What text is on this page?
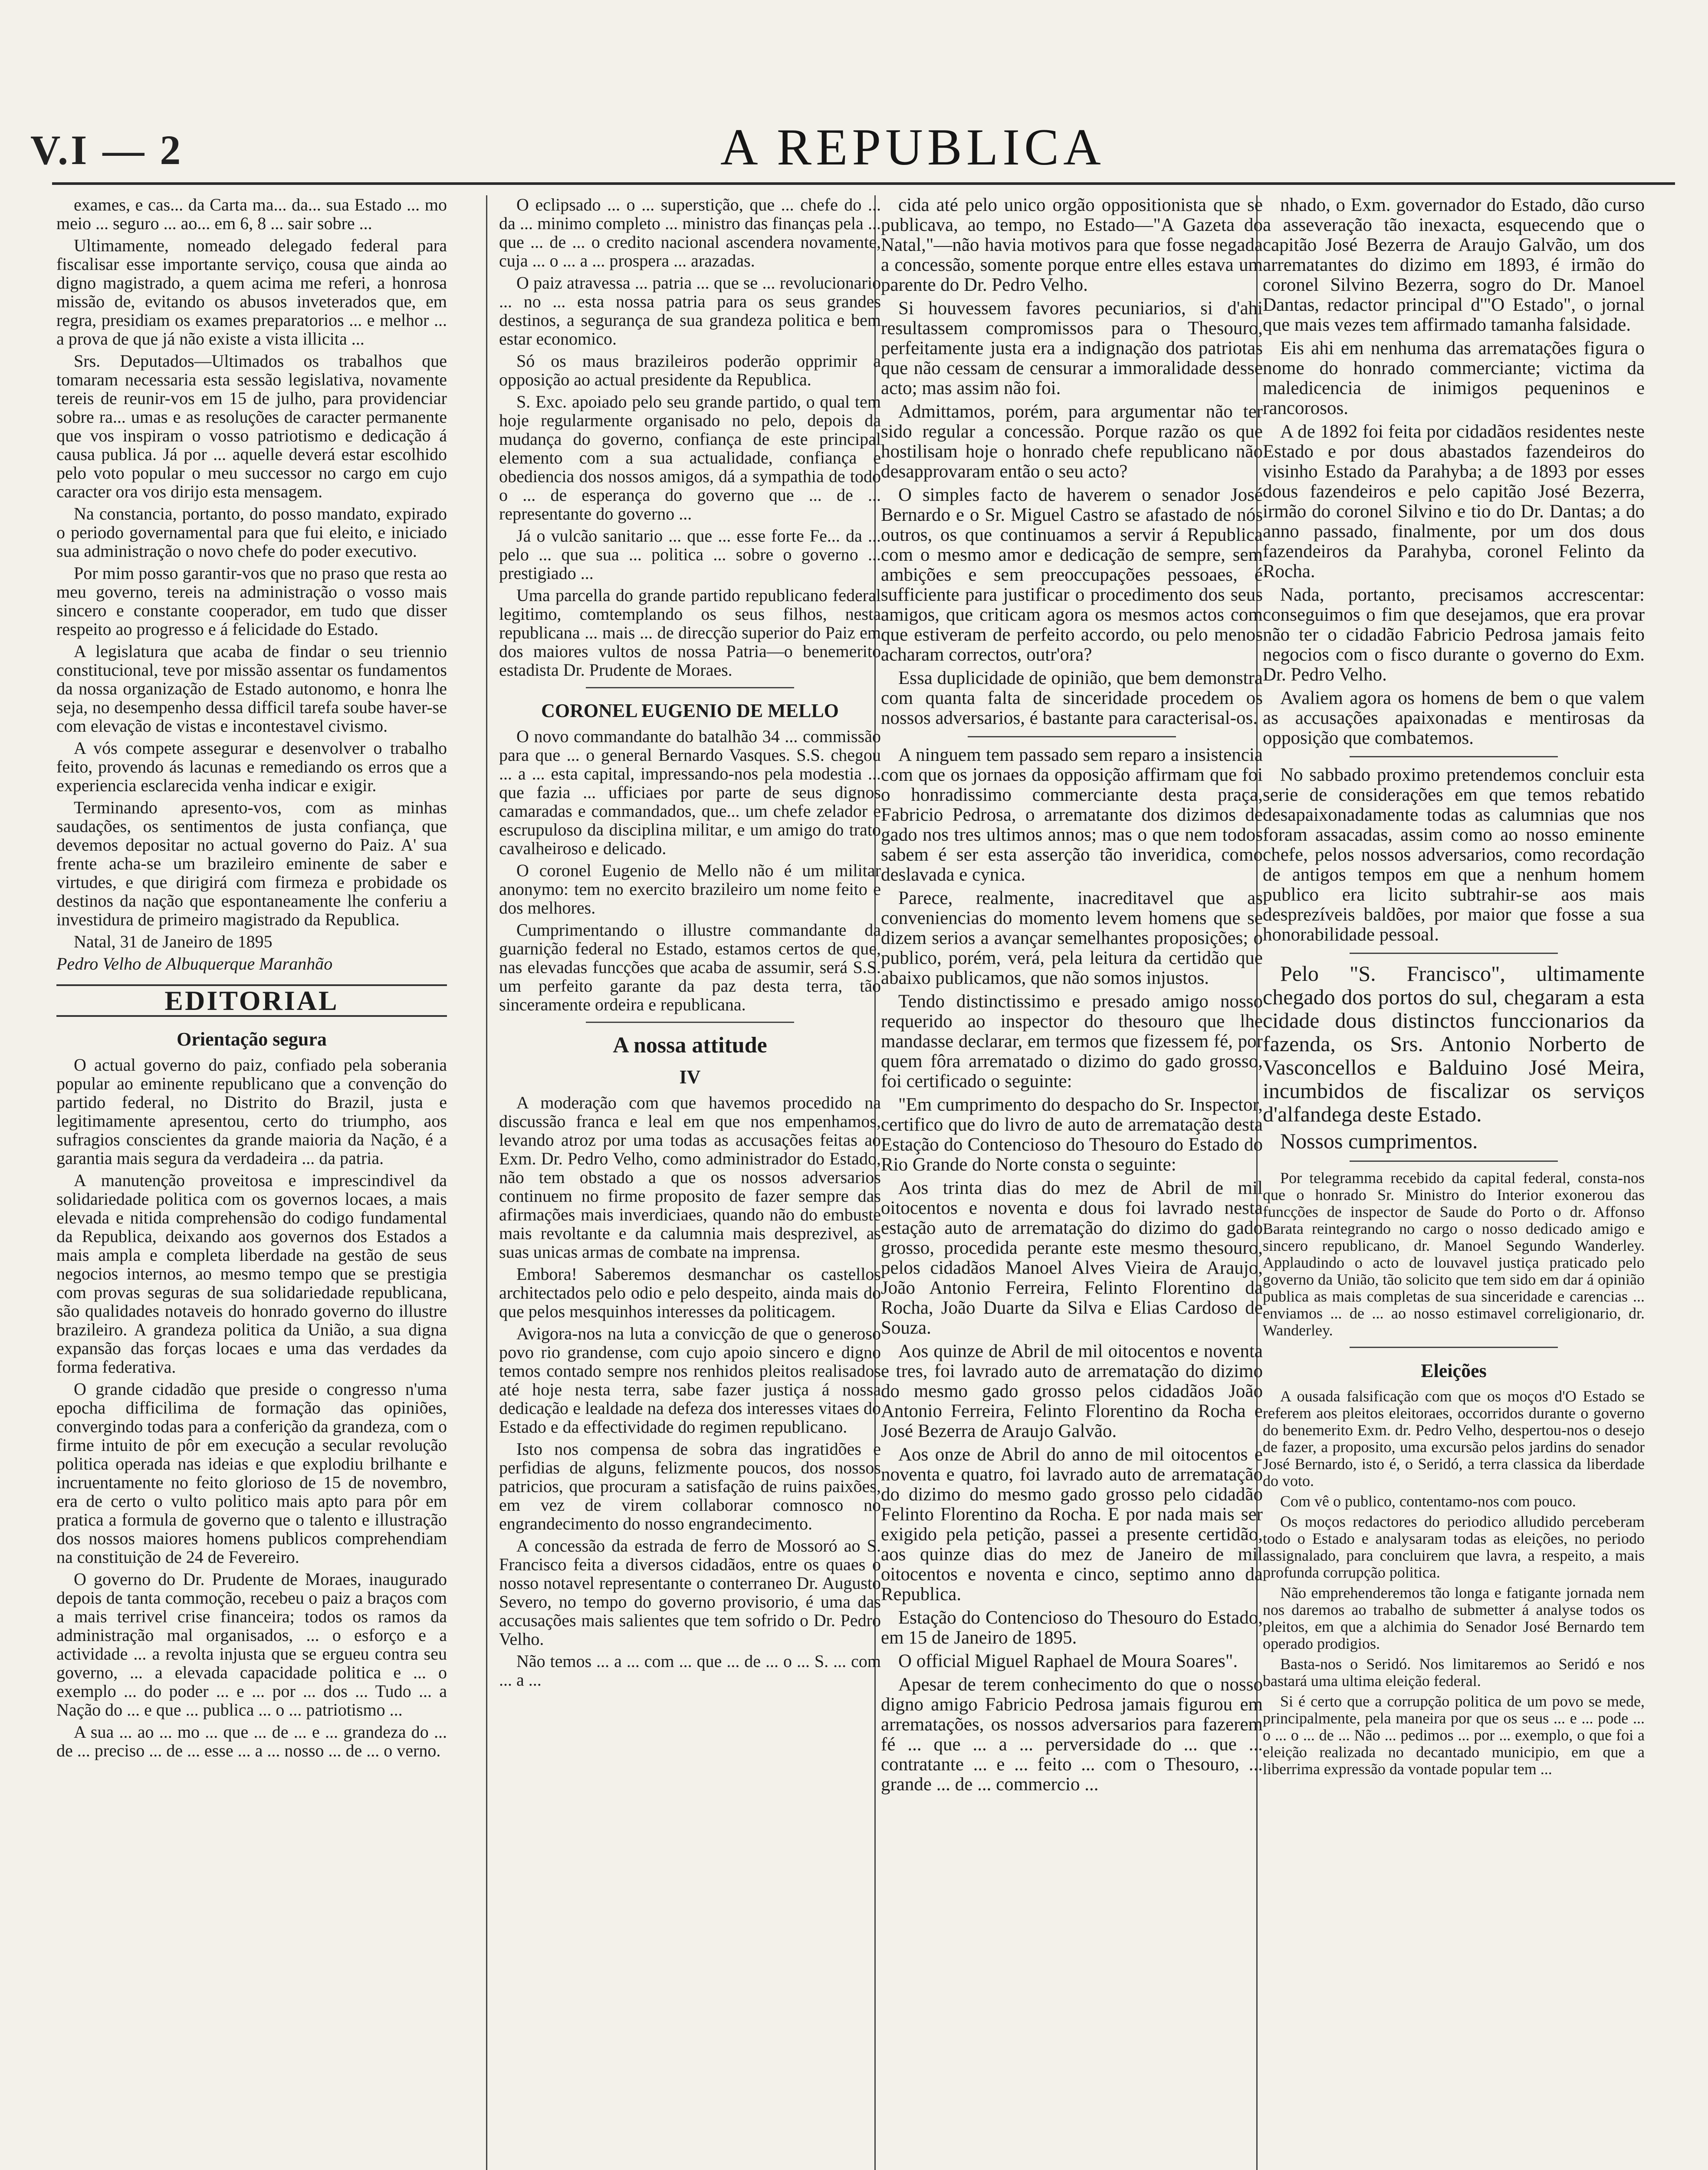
V.I — 2	A REPUBLICA

exames, e cas... da Carta ma... da... sua Estado ... mo meio ... seguro ... ao... em 6, 8 ... sair sobre ...

Ultimamente, nomeado delegado federal para fiscalisar esse importante serviço, cousa que ainda ao digno magistrado, a quem acima me referi, a honrosa missão de, evitando os abusos inveterados que, em regra, presidiam os exames preparatorios ... e melhor ... a prova de que já não existe a vista illicita ...

Srs. Deputados—Ultimados os trabalhos que tomaram necessaria esta sessão legislativa, novamente tereis de reunir-vos em 15 de julho, para providenciar sobre ra... umas e as resoluções de caracter permanente que vos inspiram o vosso patriotismo e dedicação á causa publica. Já por ... aquelle deverá estar escolhido pelo voto popular o meu successor no cargo em cujo caracter ora vos dirijo esta mensagem.

Na constancia, portanto, do posso mandato, expirado o periodo governamental para que fui eleito, e iniciado sua administração o novo chefe do poder executivo.

Por mim posso garantir-vos que no praso que resta ao meu governo, tereis na administração o vosso mais sincero e constante cooperador, em tudo que disser respeito ao progresso e á felicidade do Estado.

A legislatura que acaba de findar o seu triennio constitucional, teve por missão assentar os fundamentos da nossa organização de Estado autonomo, e honra lhe seja, no desempenho dessa difficil tarefa soube haver-se com elevação de vistas e incontestavel civismo.

A vós compete assegurar e desenvolver o trabalho feito, provendo ás lacunas e remediando os erros que a experiencia esclarecida venha indicar e exigir.

Terminando apresento-vos, com as minhas saudações, os sentimentos de justa confiança, que devemos depositar no actual governo do Paiz. A' sua frente acha-se um brazileiro eminente de saber e virtudes, e que dirigirá com firmeza e probidade os destinos da nação que espontaneamente lhe conferiu a investidura de primeiro magistrado da Republica.

Natal, 31 de Janeiro de 1895

Pedro Velho de Albuquerque Maranhão

EDITORIAL
Orientação segura

O actual governo do paiz, confiado pela soberania popular ao eminente republicano que a convenção do partido federal, no Distrito do Brazil, justa e legitimamente apresentou, certo do triumpho, aos sufragios conscientes da grande maioria da Nação, é a garantia mais segura da verdadeira ... da patria.

A manutenção proveitosa e imprescindivel da solidariedade politica com os governos locaes, a mais elevada e nitida comprehensão do codigo fundamental da Republica, deixando aos governos dos Estados a mais ampla e completa liberdade na gestão de seus negocios internos, ao mesmo tempo que se prestigia com provas seguras de sua solidariedade republicana, são qualidades notaveis do honrado governo do illustre brazileiro. A grandeza politica da União, a sua digna expansão das forças locaes e uma das verdades da forma federativa.

O grande cidadão que preside o congresso n'uma epocha difficilima de formação das opiniões, convergindo todas para a conferição da grandeza, com o firme intuito de pôr em execução a secular revolução politica operada nas ideias e que explodiu brilhante e incruentamente no feito glorioso de 15 de novembro, era de certo o vulto politico mais apto para pôr em pratica a formula de governo que o talento e illustração dos nossos maiores homens publicos comprehendiam na constituição de 24 de Fevereiro.

O governo do Dr. Prudente de Moraes, inaugurado depois de tanta commoção, recebeu o paiz a braços com a mais terrivel crise financeira; todos os ramos da administração mal organisados, ... o esforço e a actividade ... a revolta injusta que se ergueu contra seu governo, ... a elevada capacidade politica e ... o exemplo ... do poder ... e ... por ... dos ... Tudo ... a Nação do ... e que ... publica ... o ... patriotismo ...

A sua ... ao ... mo ... que ... de ... e ... grandeza do ... de ... preciso ... de ... esse ... a ... nosso ... de ... o verno.

O eclipsado ... o ... superstição, que ... chefe do ... da ... minimo completo ... ministro das finanças pela ... que ... de ... o credito nacional ascendera novamente, cuja ... o ... a ... prospera ... arazadas.

O paiz atravessa ... patria ... que se ... revolucionario ... no ... esta nossa patria para os seus grandes destinos, a segurança de sua grandeza politica e bem estar economico.

Só os maus brazileiros poderão opprimir a opposição ao actual presidente da Republica.

S. Exc. apoiado pelo seu grande partido, o qual tem hoje regularmente organisado no pelo, depois da mudança do governo, confiança de este principal elemento com a sua actualidade, confiança e obediencia dos nossos amigos, dá a sympathia de todo o ... de esperança do governo que ... de ... representante do governo ...

Já o vulcão sanitario ... que ... esse forte Fe... da ... pelo ... que sua ... politica ... sobre o governo ... prestigiado ...

Uma parcella do grande partido republicano federal legitimo, comtemplando os seus filhos, nesta republicana ... mais ... de direcção superior do Paiz em dos maiores vultos de nossa Patria—o benemerito estadista Dr. Prudente de Moraes.

CORONEL EUGENIO DE MELLO

O novo commandante do batalhão 34 ... commissão para que ... o general Bernardo Vasques. S.S. chegou ... a ... esta capital, impressando-nos pela modestia ... que fazia ... ufficiaes por parte de seus dignos camaradas e commandados, que... um chefe zelador e escrupuloso da disciplina militar, e um amigo do trato cavalheiroso e delicado.

O coronel Eugenio de Mello não é um militar anonymo: tem no exercito brazileiro um nome feito e dos melhores.

Cumprimentando o illustre commandante da guarnição federal no Estado, estamos certos de que, nas elevadas funcções que acaba de assumir, será S.S. um perfeito garante da paz desta terra, tão sinceramente ordeira e republicana.

A nossa attitude
IV

A moderação com que havemos procedido na discussão franca e leal em que nos empenhamos, levando atroz por uma todas as accusações feitas ao Exm. Dr. Pedro Velho, como administrador do Estado, não tem obstado a que os nossos adversarios continuem no firme proposito de fazer sempre das afirmações mais inverdiciaes, quando não do embuste mais revoltante e da calumnia mais desprezivel, as suas unicas armas de combate na imprensa.

Embora! Saberemos desmanchar os castellos architectados pelo odio e pelo despeito, ainda mais do que pelos mesquinhos interesses da politicagem.

Avigora-nos na luta a convicção de que o generoso povo rio grandense, com cujo apoio sincero e digno temos contado sempre nos renhidos pleitos realisados até hoje nesta terra, sabe fazer justiça á nossa dedicação e lealdade na defeza dos interesses vitaes do Estado e da effectividade do regimen republicano.

Isto nos compensa de sobra das ingratidões e perfidias de alguns, felizmente poucos, dos nossos patricios, que procuram a satisfação de ruins paixões, em vez de virem collaborar comnosco no engrandecimento do nosso engrandecimento.

A concessão da estrada de ferro de Mossoró ao S. Francisco feita a diversos cidadãos, entre os quaes o nosso notavel representante o conterraneo Dr. Augusto Severo, no tempo do governo provisorio, é uma das accusações mais salientes que tem sofrido o Dr. Pedro Velho.

Não temos ... a ... com ... que ... de ... o ... S. ... com ... a ...

cida até pelo unico orgão oppositionista que se publicava, ao tempo, no Estado—"A Gazeta do Natal,"—não havia motivos para que fosse negada a concessão, somente porque entre elles estava um parente do Dr. Pedro Velho.

Si houvessem favores pecuniarios, si d'ahi resultassem compromissos para o Thesouro, perfeitamente justa era a indignação dos patriotas que não cessam de censurar a immoralidade desse acto; mas assim não foi.

Admittamos, porém, para argumentar não ter sido regular a concessão. Porque razão os que hostilisam hoje o honrado chefe republicano não desapprovaram então o seu acto?

O simples facto de haverem o senador José Bernardo e o Sr. Miguel Castro se afastado de nós outros, os que continuamos a servir á Republica com o mesmo amor e dedicação de sempre, sem ambições e sem preoccupações pessoaes, é sufficiente para justificar o procedimento dos seus amigos, que criticam agora os mesmos actos com que estiveram de perfeito accordo, ou pelo menos acharam correctos, outr'ora?

Essa duplicidade de opinião, que bem demonstra com quanta falta de sinceridade procedem os nossos adversarios, é bastante para caracterisal-os.

A ninguem tem passado sem reparo a insistencia com que os jornaes da opposição affirmam que foi o honradissimo commerciante desta praça, Fabricio Pedrosa, o arrematante dos dizimos de gado nos tres ultimos annos; mas o que nem todos sabem é ser esta asserção tão inveridica, como deslavada e cynica.

Parece, realmente, inacreditavel que as conveniencias do momento levem homens que se dizem serios a avançar semelhantes proposições; o publico, porém, verá, pela leitura da certidão que abaixo publicamos, que não somos injustos.

Tendo distinctissimo e presado amigo nosso requerido ao inspector do thesouro que lhe mandasse declarar, em termos que fizessem fé, por quem fôra arrematado o dizimo do gado grosso, foi certificado o seguinte:

"Em cumprimento do despacho do Sr. Inspector, certifico que do livro de auto de arrematação desta Estação do Contencioso do Thesouro do Estado do Rio Grande do Norte consta o seguinte:

Aos trinta dias do mez de Abril de mil oitocentos e noventa e dous foi lavrado nesta estação auto de arrematação do dizimo do gado grosso, procedida perante este mesmo thesouro, pelos cidadãos Manoel Alves Vieira de Araujo, João Antonio Ferreira, Felinto Florentino da Rocha, João Duarte da Silva e Elias Cardoso de Souza.

Aos quinze de Abril de mil oitocentos e noventa e tres, foi lavrado auto de arrematação do dizimo do mesmo gado grosso pelos cidadãos João Antonio Ferreira, Felinto Florentino da Rocha e José Bezerra de Araujo Galvão.

Aos onze de Abril do anno de mil oitocentos e noventa e quatro, foi lavrado auto de arrematação do dizimo do mesmo gado grosso pelo cidadão Felinto Florentino da Rocha. E por nada mais ser exigido pela petição, passei a presente certidão, aos quinze dias do mez de Janeiro de mil oitocentos e noventa e cinco, septimo anno da Republica.

Estação do Contencioso do Thesouro do Estado, em 15 de Janeiro de 1895.

O official Miguel Raphael de Moura Soares".

Apesar de terem conhecimento do que o nosso digno amigo Fabricio Pedrosa jamais figurou em arrematações, os nossos adversarios para fazerem fé ... que ... a ... perversidade do ... que ... contratante ... e ... feito ... com o Thesouro, ... grande ... de ... commercio ...

nhado, o Exm. governador do Estado, dão curso a asseveração tão inexacta, esquecendo que o capitão José Bezerra de Araujo Galvão, um dos arrematantes do dizimo em 1893, é irmão do coronel Silvino Bezerra, sogro do Dr. Manoel Dantas, redactor principal d'"O Estado", o jornal que mais vezes tem affirmado tamanha falsidade.

Eis ahi em nenhuma das arrematações figura o nome do honrado commerciante; victima da maledicencia de inimigos pequeninos e rancorosos.

A de 1892 foi feita por cidadãos residentes neste Estado e por dous abastados fazendeiros do visinho Estado da Parahyba; a de 1893 por esses dous fazendeiros e pelo capitão José Bezerra, irmão do coronel Silvino e tio do Dr. Dantas; a do anno passado, finalmente, por um dos dous fazendeiros da Parahyba, coronel Felinto da Rocha.

Nada, portanto, precisamos accrescentar: conseguimos o fim que desejamos, que era provar não ter o cidadão Fabricio Pedrosa jamais feito negocios com o fisco durante o governo do Exm. Dr. Pedro Velho.

Avaliem agora os homens de bem o que valem as accusações apaixonadas e mentirosas da opposição que combatemos.

No sabbado proximo pretendemos concluir esta serie de considerações em que temos rebatido desapaixonadamente todas as calumnias que nos foram assacadas, assim como ao nosso eminente chefe, pelos nossos adversarios, como recordação de antigos tempos em que a nenhum homem publico era licito subtrahir-se aos mais desprezíveis baldões, por maior que fosse a sua honorabilidade pessoal.

Pelo "S. Francisco", ultimamente chegado dos portos do sul, chegaram a esta cidade dous distinctos funccionarios da fazenda, os Srs. Antonio Norberto de Vasconcellos e Balduino José Meira, incumbidos de fiscalizar os serviços d'alfandega deste Estado.

Nossos cumprimentos.

Por telegramma recebido da capital federal, consta-nos que o honrado Sr. Ministro do Interior exonerou das funcções de inspector de Saude do Porto o dr. Affonso Barata reintegrando no cargo o nosso dedicado amigo e sincero republicano, dr. Manoel Segundo Wanderley. Applaudindo o acto de louvavel justiça praticado pelo governo da União, tão solicito que tem sido em dar á opinião publica as mais completas de sua sinceridade e carencias ... enviamos ... de ... ao nosso estimavel correligionario, dr. Wanderley.

Eleições

A ousada falsificação com que os moços d'O Estado se referem aos pleitos eleitoraes, occorridos durante o governo do benemerito Exm. dr. Pedro Velho, despertou-nos o desejo de fazer, a proposito, uma excursão pelos jardins do senador José Bernardo, isto é, o Seridó, a terra classica da liberdade do voto.

Com vê o publico, contentamo-nos com pouco.

Os moços redactores do periodico alludido perceberam todo o Estado e analysaram todas as eleições, no periodo assignalado, para concluirem que lavra, a respeito, a mais profunda corrupção politica.

Não emprehenderemos tão longa e fatigante jornada nem nos daremos ao trabalho de submetter á analyse todos os pleitos, em que a alchimia do Senador José Bernardo tem operado prodigios.

Basta-nos o Seridó. Nos limitaremos ao Seridó e nos bastará uma ultima eleição federal.

Si é certo que a corrupção politica de um povo se mede, principalmente, pela maneira por que os seus ... e ... pode ... o ... o ... de ... Não ... pedimos ... por ... exemplo, o que foi a eleição realizada no decantado municipio, em que a liberrima expressão da vontade popular tem ...
